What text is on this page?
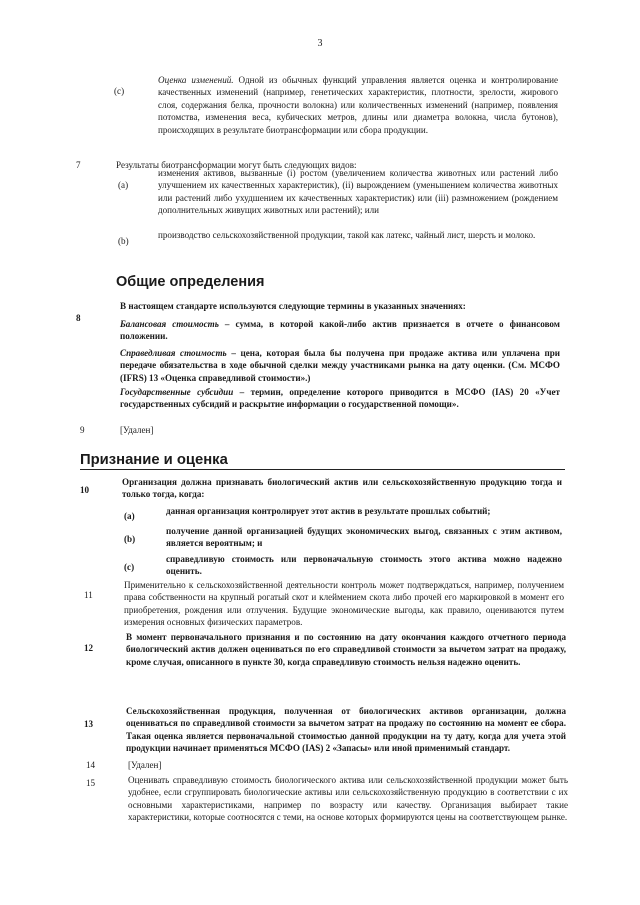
3
(c)
Оценка изменений. Одной из обычных функций управления является оценка и контролирование качественных изменений (например, генетических характеристик, плотности, зрелости, жирового слоя, содержания белка, прочности волокна) или количественных изменений (например, появления потомства, изменения веса, кубических метров, длины или диаметра волокна, числа бутонов), происходящих в результате биотрансформации или сбора продукции.
7	Результаты биотрансформации могут быть следующих видов:
(a)
изменения активов, вызванные (i) ростом (увеличением количества животных или растений либо улучшением их качественных характеристик), (ii) вырождением (уменьшением количества животных или растений либо ухудшением их качественных характеристик) или (iii) размножением (рождением дополнительных живущих животных или растений); или
(b)
производство сельскохозяйственной продукции, такой как латекс, чайный лист, шерсть и молоко.
Общие определения
8
В настоящем стандарте используются следующие термины в указанных значениях:
Балансовая стоимость – сумма, в которой какой-либо актив признается в отчете о финансовом положении.
Справедливая стоимость – цена, которая была бы получена при продаже актива или уплачена при передаче обязательства в ходе обычной сделки между участниками рынка на дату оценки. (См. МСФО (IFRS) 13 «Оценка справедливой стоимости».)
Государственные субсидии – термин, определение которого приводится в МСФО (IAS) 20 «Учет государственных субсидий и раскрытие информации о государственной помощи».
9	[Удален]
Признание и оценка
10
Организация должна признавать биологический актив или сельскохозяйственную продукцию тогда и только тогда, когда:
(a)	данная организация контролирует этот актив в результате прошлых событий;
(b)
получение данной организацией будущих экономических выгод, связанных с этим активом, является вероятным; и
(c)
справедливую стоимость или первоначальную стоимость этого актива можно надежно оценить.
11
Применительно к сельскохозяйственной деятельности контроль может подтверждаться, например, получением права собственности на крупный рогатый скот и клеймением скота либо прочей его маркировкой в момент его приобретения, рождения или отлучения. Будущие экономические выгоды, как правило, оцениваются путем измерения основных физических параметров.
12
В момент первоначального признания и по состоянию на дату окончания каждого отчетного периода биологический актив должен оцениваться по его справедливой стоимости за вычетом затрат на продажу, кроме случая, описанного в пункте 30, когда справедливую стоимость нельзя надежно оценить.
13
Сельскохозяйственная продукция, полученная от биологических активов организации, должна оцениваться по справедливой стоимости за вычетом затрат на продажу по состоянию на момент ее сбора. Такая оценка является первоначальной стоимостью данной продукции на ту дату, когда для учета этой продукции начинает применяться МСФО (IAS) 2 «Запасы» или иной применимый стандарт.
14	[Удален]
15	Оценивать справедливую стоимость биологического актива или сельскохозяйственной продукции может быть удобнее, если сгруппировать биологические активы или сельскохозяйственную продукцию в соответствии с их основными характеристиками, например по возрасту или качеству. Организация выбирает такие характеристики, которые соотносятся с теми, на основе которых формируются цены на соответствующем рынке.
